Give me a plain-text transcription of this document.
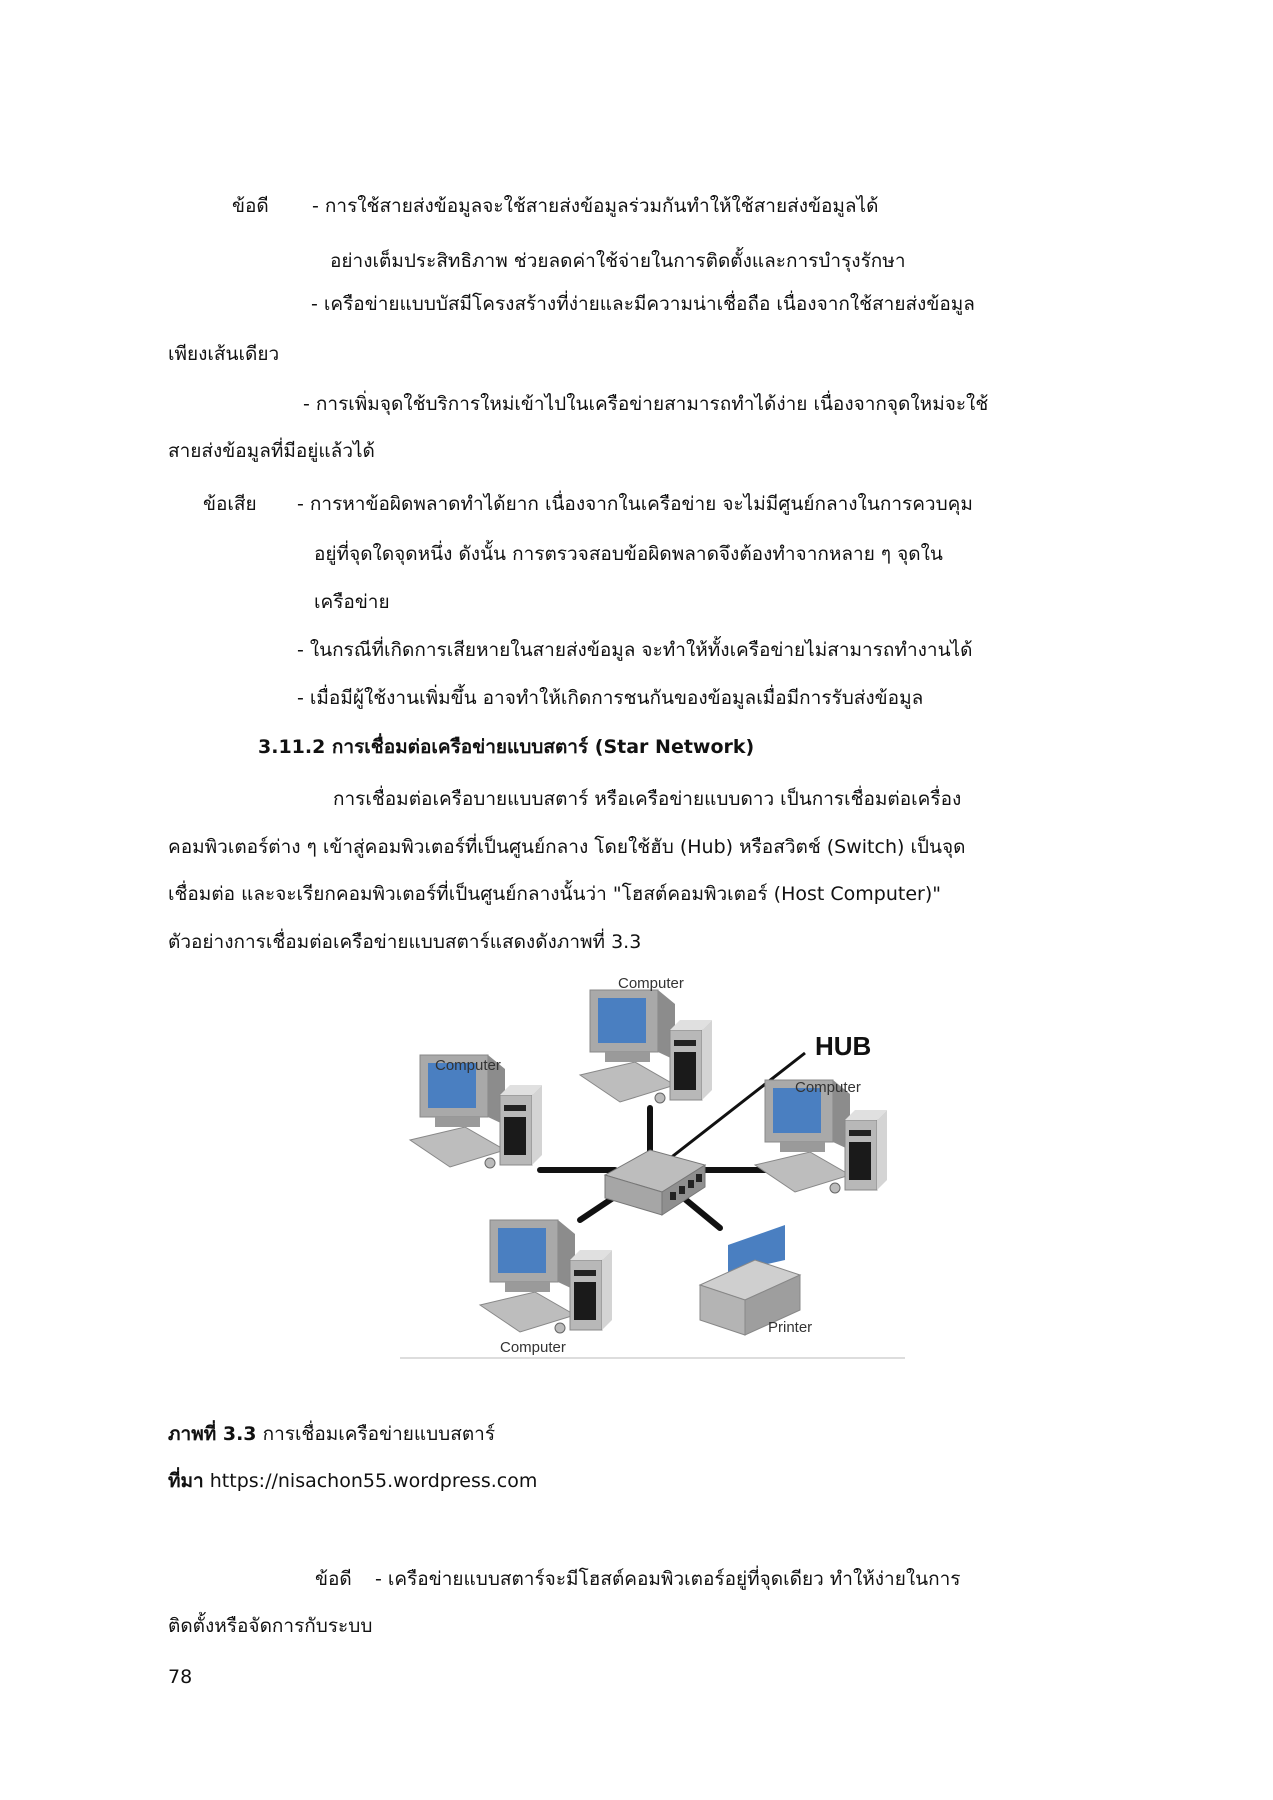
ข้อดี - การใช้สายส่งข้อมูลจะใช้สายส่งข้อมูลร่วมกันทำให้ใช้สายส่งข้อมูลได้
อย่างเต็มประสิทธิภาพ ช่วยลดค่าใช้จ่ายในการติดตั้งและการบำรุงรักษา
- เครือข่ายแบบบัสมีโครงสร้างที่ง่ายและมีความน่าเชื่อถือ เนื่องจากใช้สายส่งข้อมูล
เพียงเส้นเดียว
- การเพิ่มจุดใช้บริการใหม่เข้าไปในเครือข่ายสามารถทำได้ง่าย เนื่องจากจุดใหม่จะใช้
สายส่งข้อมูลที่มีอยู่แล้วได้
ข้อเสีย - การหาข้อผิดพลาดทำได้ยาก เนื่องจากในเครือข่าย จะไม่มีศูนย์กลางในการควบคุม
อยู่ที่จุดใดจุดหนึ่ง ดังนั้น การตรวจสอบข้อผิดพลาดจึงต้องทำจากหลาย ๆ จุดใน
เครือข่าย
- ในกรณีที่เกิดการเสียหายในสายส่งข้อมูล จะทำให้ทั้งเครือข่ายไม่สามารถทำงานได้
- เมื่อมีผู้ใช้งานเพิ่มขึ้น อาจทำให้เกิดการชนกันของข้อมูลเมื่อมีการรับส่งข้อมูล
3.11.2 การเชื่อมต่อเครือข่ายแบบสตาร์ (Star Network)
การเชื่อมต่อเครือบายแบบสตาร์ หรือเครือข่ายแบบดาว เป็นการเชื่อมต่อเครื่อง
คอมพิวเตอร์ต่าง ๆ เข้าสู่คอมพิวเตอร์ที่เป็นศูนย์กลาง โดยใช้ฮับ (Hub) หรือสวิตช์ (Switch) เป็นจุด
เชื่อมต่อ และจะเรียกคอมพิวเตอร์ที่เป็นศูนย์กลางนั้นว่า "โฮสต์คอมพิวเตอร์ (Host Computer)"
ตัวอย่างการเชื่อมต่อเครือข่ายแบบสตาร์แสดงดังภาพที่ 3.3
Computer
Computer
Computer
Computer
Printer
HUB
ภาพที่ 3.3 การเชื่อมเครือข่ายแบบสตาร์
ที่มา https://nisachon55.wordpress.com
ข้อดี - เครือข่ายแบบสตาร์จะมีโฮสต์คอมพิวเตอร์อยู่ที่จุดเดียว ทำให้ง่ายในการ
ติดตั้งหรือจัดการกับระบบ
78
